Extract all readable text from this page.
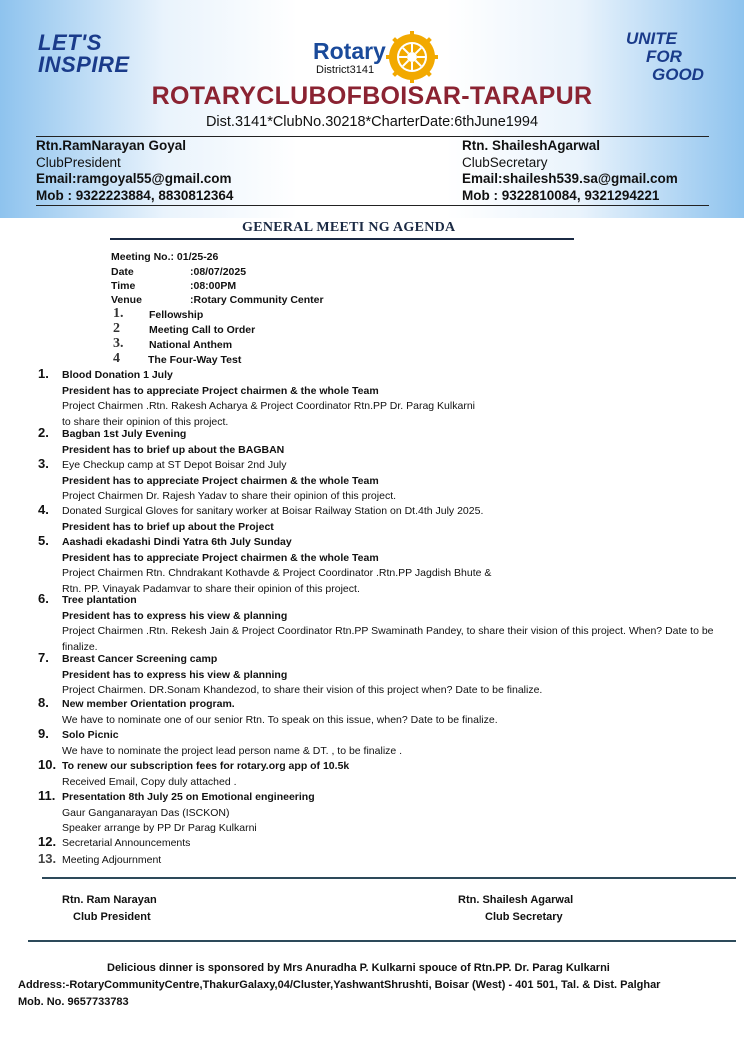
LET'S
INSPIRE
UNITE
FOR
GOOD
Rotary
District3141
ROTARYCLUBOFBOISAR-TARAPUR
Dist.3141*ClubNo.30218*CharterDate:6thJune1994
Rtn.RamNarayan Goyal
ClubPresident
Email:ramgoyal55@gmail.com
Mob : 9322223884, 8830812364
Rtn. ShaileshAgarwal
ClubSecretary
Email:shailesh539.sa@gmail.com
Mob : 9322810084, 9321294221
GENERAL MEETI NG AGENDA
Meeting No.: 01/25-26
Date	:08/07/2025
Time	:08:00PM
Venue	:Rotary Community Center
1. Fellowship
2	Meeting Call to Order
3. National Anthem
4	The Four-Way Test
1. Blood Donation 1 July
President has to appreciate Project chairmen & the whole Team
Project Chairmen .Rtn. Rakesh Acharya & Project Coordinator Rtn.PP Dr. Parag Kulkarni
to share their opinion of this project.
2. Bagban 1st July Evening
President has to brief up about the BAGBAN
3. Eye Checkup camp at ST Depot Boisar 2nd July
President has to appreciate Project chairmen & the whole Team
Project Chairmen Dr. Rajesh Yadav to share their opinion of this project.
4. Donated Surgical Gloves for sanitary worker at Boisar Railway Station on Dt.4th July 2025.
President has to brief up about the Project
5. Aashadi ekadashi Dindi Yatra 6th July Sunday
President has to appreciate Project chairmen & the whole Team
Project Chairmen Rtn. Chndrakant Kothavde & Project Coordinator .Rtn.PP Jagdish Bhute &
Rtn. PP. Vinayak Padamvar to share their opinion of this project.
6. Tree plantation
President has to express his view & planning
Project Chairmen .Rtn. Rekesh Jain & Project Coordinator Rtn.PP Swaminath Pandey, to share their vision of this project. When? Date to be
finalize.
7. Breast Cancer Screening camp
President has to express his view & planning
Project Chairmen. DR.Sonam Khandezod, to share their vision of this project when? Date to be finalize.
8. New member Orientation program.
We have to nominate one of our senior Rtn. To speak on this issue, when? Date to be finalize.
9. Solo Picnic
We have to nominate the project lead person name & DT. , to be finalize .
10. To renew our subscription fees for rotary.org app of 10.5k
Received Email, Copy duly attached .
11. Presentation 8th July 25 on Emotional engineering
Gaur Ganganarayan Das (ISCKON)
Speaker arrange by PP Dr Parag Kulkarni
12. Secretarial Announcements
13. Meeting Adjournment
Rtn. Ram Narayan
Club President
Rtn. Shailesh Agarwal
Club Secretary
Delicious dinner is sponsored by Mrs Anuradha P. Kulkarni spouce of Rtn.PP. Dr. Parag Kulkarni
Address:-RotaryCommunityCentre,ThakurGalaxy,04/Cluster,YashwantShrushti, Boisar (West) - 401 501, Tal. & Dist. Palghar
Mob. No. 9657733783
